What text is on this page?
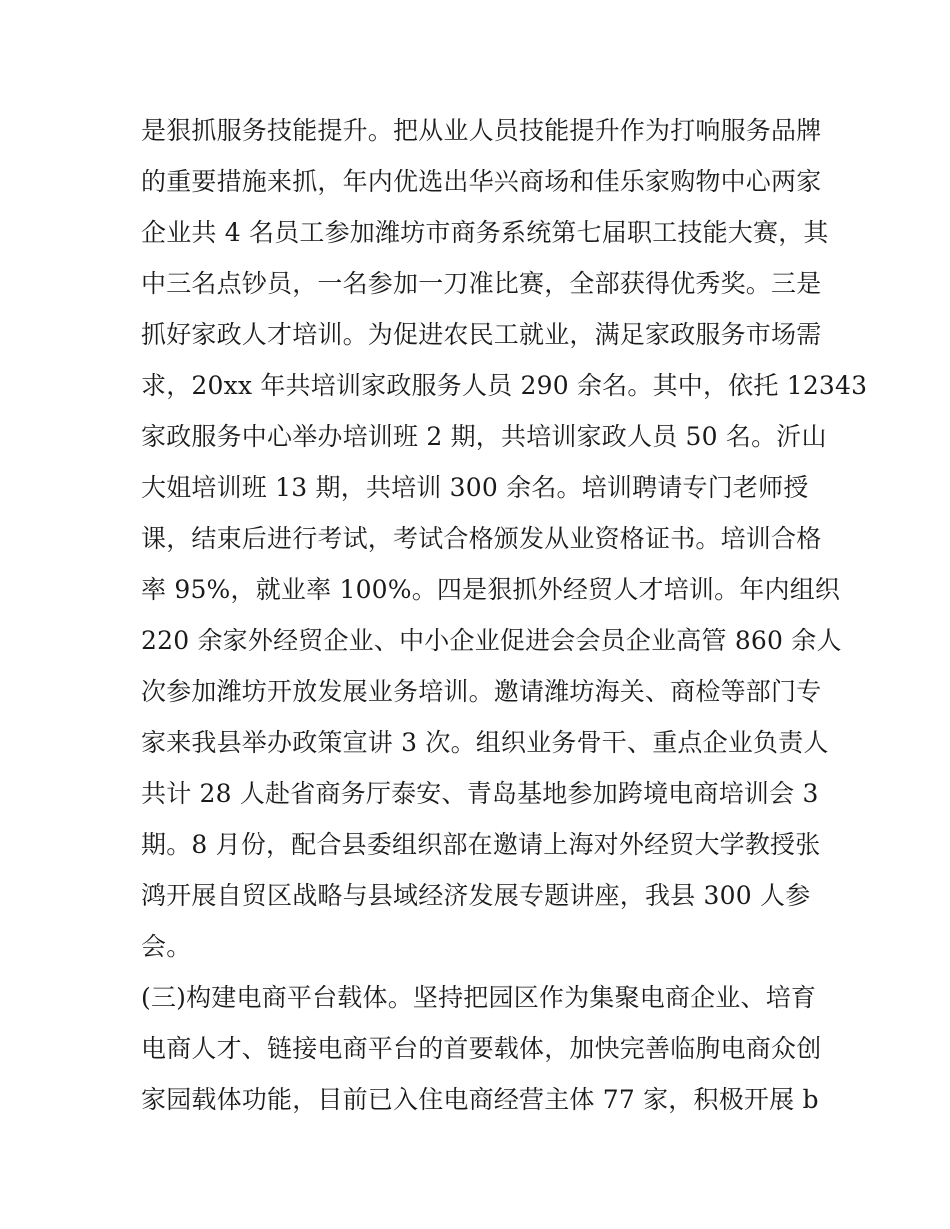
是狠抓服务技能提升。把从业人员技能提升作为打响服务品牌
的重要措施来抓，年内优选出华兴商场和佳乐家购物中心两家
企业共 4 名员工参加潍坊市商务系统第七届职工技能大赛，其
中三名点钞员，一名参加一刀准比赛，全部获得优秀奖。三是
抓好家政人才培训。为促进农民工就业，满足家政服务市场需
求，20xx 年共培训家政服务人员 290 余名。其中，依托 12343
家政服务中心举办培训班 2 期，共培训家政人员 50 名。沂山
大姐培训班 13 期，共培训 300 余名。培训聘请专门老师授
课，结束后进行考试，考试合格颁发从业资格证书。培训合格
率 95%，就业率 100%。四是狠抓外经贸人才培训。年内组织
220 余家外经贸企业、中小企业促进会会员企业高管 860 余人
次参加潍坊开放发展业务培训。邀请潍坊海关、商检等部门专
家来我县举办政策宣讲 3 次。组织业务骨干、重点企业负责人
共计 28 人赴省商务厅泰安、青岛基地参加跨境电商培训会 3
期。8 月份，配合县委组织部在邀请上海对外经贸大学教授张
鸿开展自贸区战略与县域经济发展专题讲座，我县 300 人参
会。
(三)构建电商平台载体。坚持把园区作为集聚电商企业、培育
电商人才、链接电商平台的首要载体，加快完善临朐电商众创
家园载体功能，目前已入住电商经营主体 77 家，积极开展 b
